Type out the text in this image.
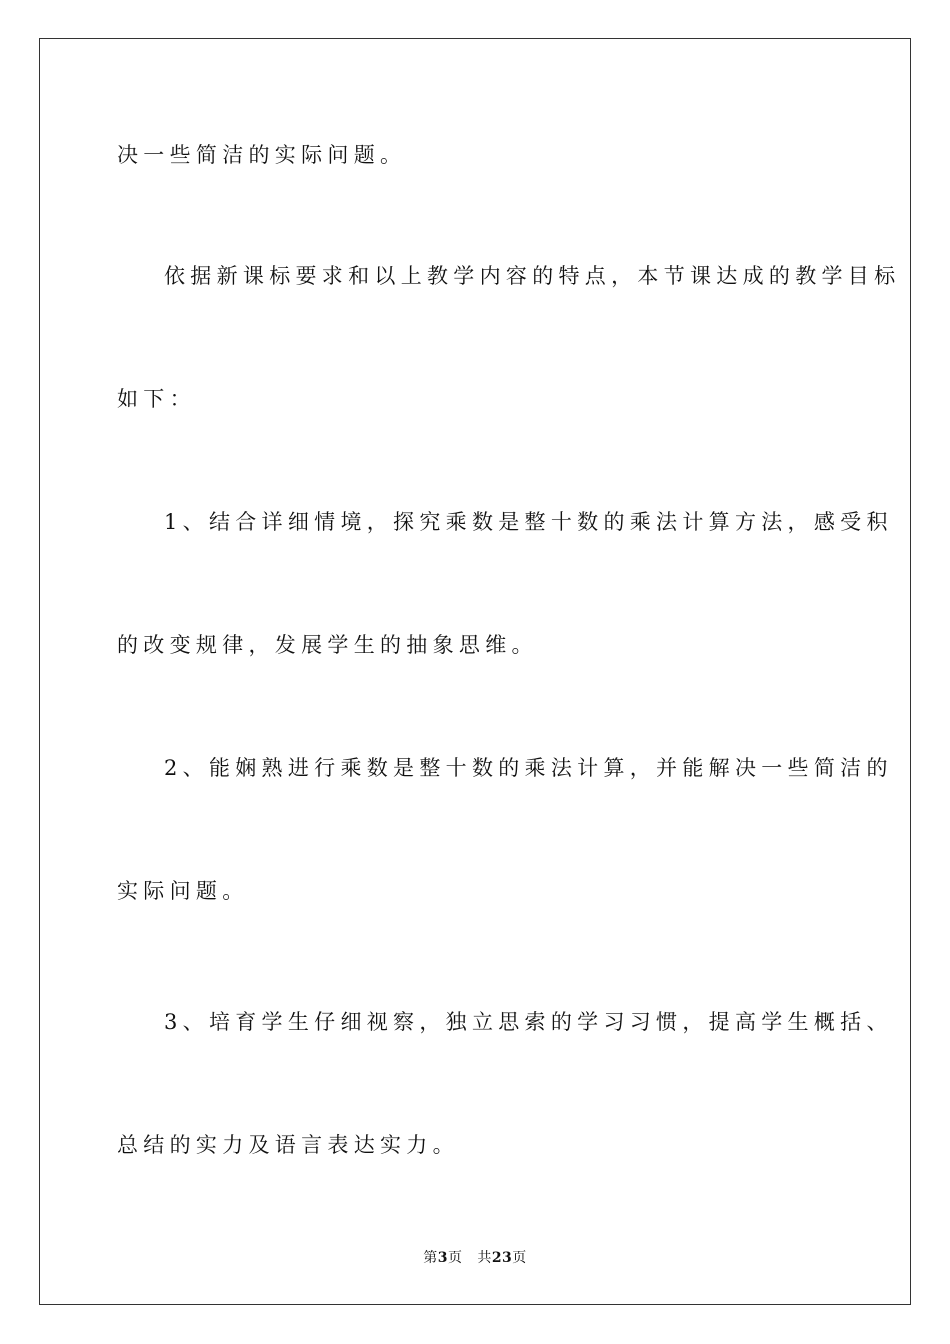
决一些简洁的实际问题。
依据新课标要求和以上教学内容的特点，本节课达成的教学目标
如下：
1、结合详细情境，探究乘数是整十数的乘法计算方法，感受积
的改变规律，发展学生的抽象思维。
2、能娴熟进行乘数是整十数的乘法计算，并能解决一些简洁的
实际问题。
3、培育学生仔细视察，独立思索的学习习惯，提高学生概括、
总结的实力及语言表达实力。
第3页 共23页
